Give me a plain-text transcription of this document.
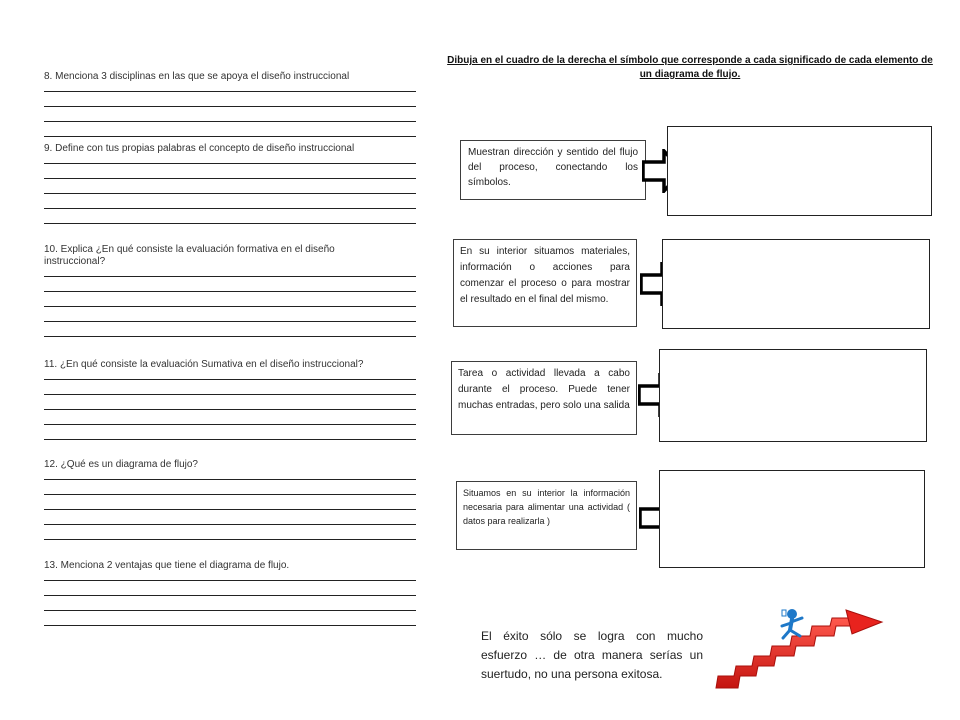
8. Menciona 3 disciplinas en las que se apoya el diseño instruccional
9. Define con tus propias palabras el concepto de diseño instruccional
10. Explica ¿En qué consiste la evaluación formativa en el diseño instruccional?
11. ¿En qué consiste la evaluación Sumativa en el diseño instruccional?
12. ¿Qué es un diagrama de flujo?
13. Menciona 2 ventajas que tiene el diagrama de flujo.
Dibuja en el cuadro de la derecha el símbolo que corresponde a cada significado de cada elemento de un diagrama de flujo.
Muestran dirección y sentido del flujo del proceso, conectando los símbolos.
En su interior situamos materiales, información o acciones para comenzar el proceso o para mostrar el resultado en el final del mismo.
Tarea o actividad llevada a cabo durante el proceso. Puede tener muchas entradas, pero solo una salida
Situamos en su interior la información necesaria para alimentar una actividad ( datos para realizarla )
El éxito sólo se logra con mucho esfuerzo … de otra manera serías un suertudo, no una persona exitosa.
